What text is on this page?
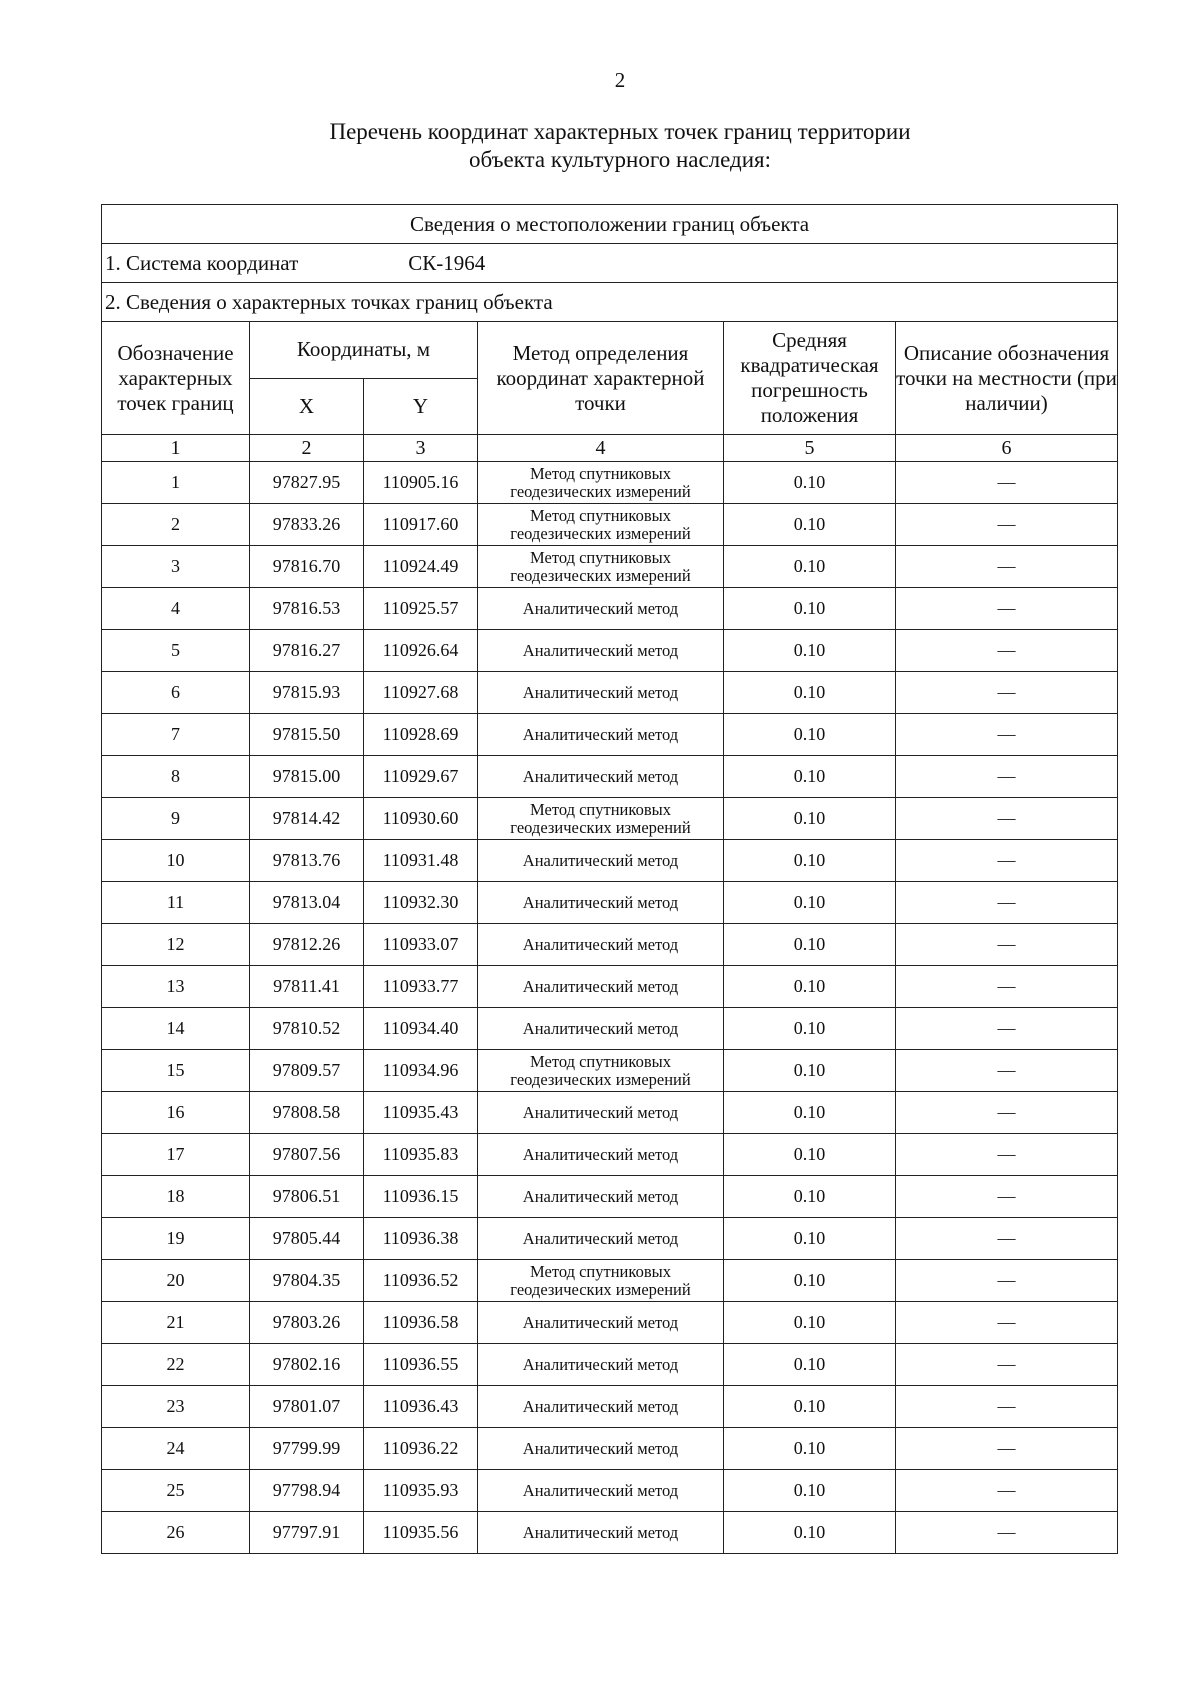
2
Перечень координат характерных точек границ территории
объекта культурного наследия:
Сведения о местоположении границ объекта					
1. Система координат СК-1964					
2. Сведения о характерных точках границ объекта					
Обозначение характерных точек границ	Координаты, м		Метод определения координат характерной точки	Средняя квадратическая погрешность положения	Описание обозначения точки на местности (при наличии)
	X	Y			
1	2	3	4	5	6
1	97827.95	110905.16	Метод спутниковых геодезических измерений	0.10	—
2	97833.26	110917.60	Метод спутниковых геодезических измерений	0.10	—
3	97816.70	110924.49	Метод спутниковых геодезических измерений	0.10	—
4	97816.53	110925.57	Аналитический метод	0.10	—
5	97816.27	110926.64	Аналитический метод	0.10	—
6	97815.93	110927.68	Аналитический метод	0.10	—
7	97815.50	110928.69	Аналитический метод	0.10	—
8	97815.00	110929.67	Аналитический метод	0.10	—
9	97814.42	110930.60	Метод спутниковых геодезических измерений	0.10	—
10	97813.76	110931.48	Аналитический метод	0.10	—
11	97813.04	110932.30	Аналитический метод	0.10	—
12	97812.26	110933.07	Аналитический метод	0.10	—
13	97811.41	110933.77	Аналитический метод	0.10	—
14	97810.52	110934.40	Аналитический метод	0.10	—
15	97809.57	110934.96	Метод спутниковых геодезических измерений	0.10	—
16	97808.58	110935.43	Аналитический метод	0.10	—
17	97807.56	110935.83	Аналитический метод	0.10	—
18	97806.51	110936.15	Аналитический метод	0.10	—
19	97805.44	110936.38	Аналитический метод	0.10	—
20	97804.35	110936.52	Метод спутниковых геодезических измерений	0.10	—
21	97803.26	110936.58	Аналитический метод	0.10	—
22	97802.16	110936.55	Аналитический метод	0.10	—
23	97801.07	110936.43	Аналитический метод	0.10	—
24	97799.99	110936.22	Аналитический метод	0.10	—
25	97798.94	110935.93	Аналитический метод	0.10	—
26	97797.91	110935.56	Аналитический метод	0.10	—
